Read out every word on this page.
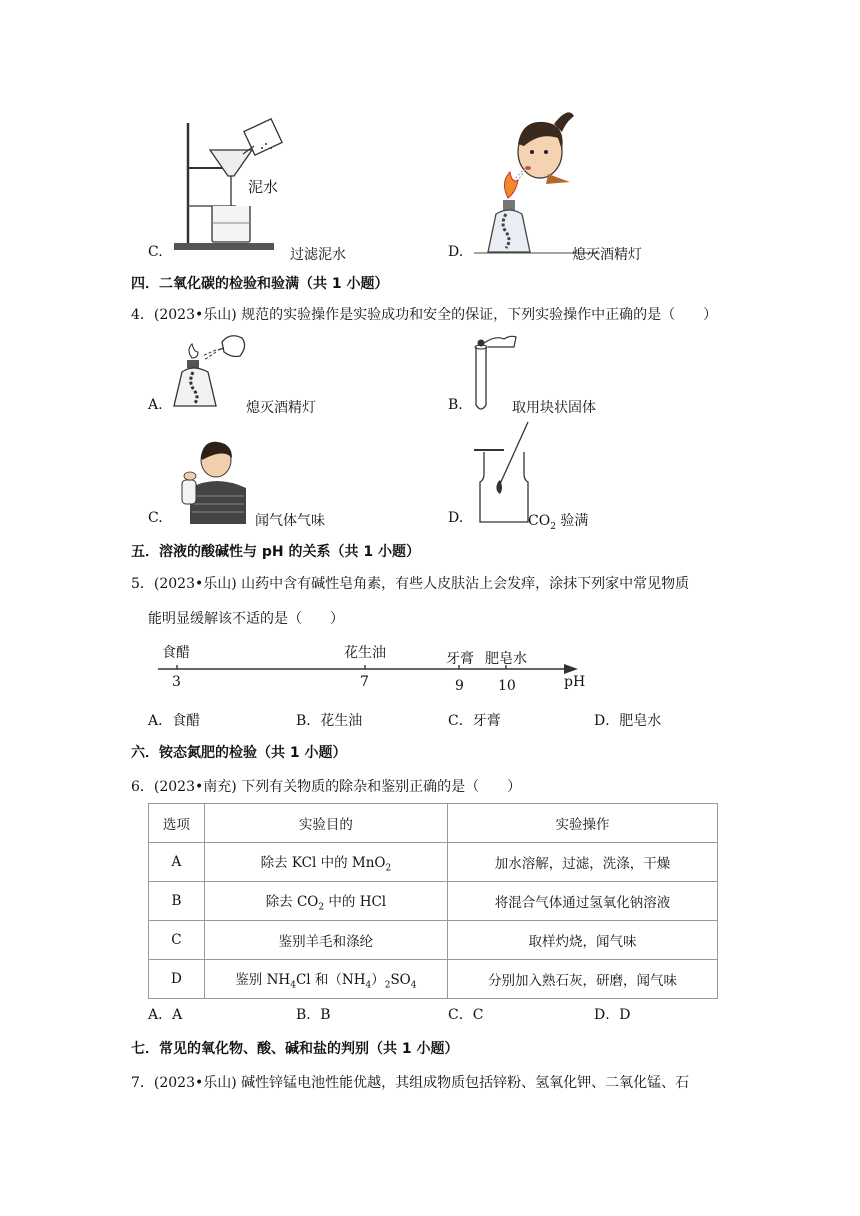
泥水
C.	过滤泥水	D.	熄灭酒精灯
四．二氧化碳的检验和验满（共 1 小题）
4．(2023•乐山) 规范的实验操作是实验成功和安全的保证，下列实验操作中正确的是（　　）
A.	熄灭酒精灯	B.	取用块状固体
C.	闻气体气味	D.	$CO_2$ 验满
五．溶液的酸碱性与 pH 的关系（共 1 小题）
5．(2023•乐山) 山药中含有碱性皂角素，有些人皮肤沾上会发痒，涂抹下列家中常见物质
能明显缓解该不适的是（　　）
食醋	花生油	牙膏 肥皂水
3	7	9 10	pH
A．食醋	B．花生油	C．牙膏	D．肥皂水
六．铵态氮肥的检验（共 1 小题）
6．(2023•南充) 下列有关物质的除杂和鉴别正确的是（　　）
选项	实验目的	实验操作
A	除去 KCl 中的 MnO$_2$	加水溶解，过滤，洗涤，干燥
B	除去 $CO_2$ 中的 HCl	将混合气体通过氢氧化钠溶液
C	鉴别羊毛和涤纶	取样灼烧，闻气味
D	鉴别 $NH_4Cl$ 和$(NH_4)_2SO_4$	分别加入熟石灰，研磨，闻气味
A．A	B．B	C．C	D．D
七．常见的氧化物、酸、碱和盐的判别（共 1 小题）
7．(2023•乐山) 碱性锌锰电池性能优越，其组成物质包括锌粉、氢氧化钾、二氧化锰、石
